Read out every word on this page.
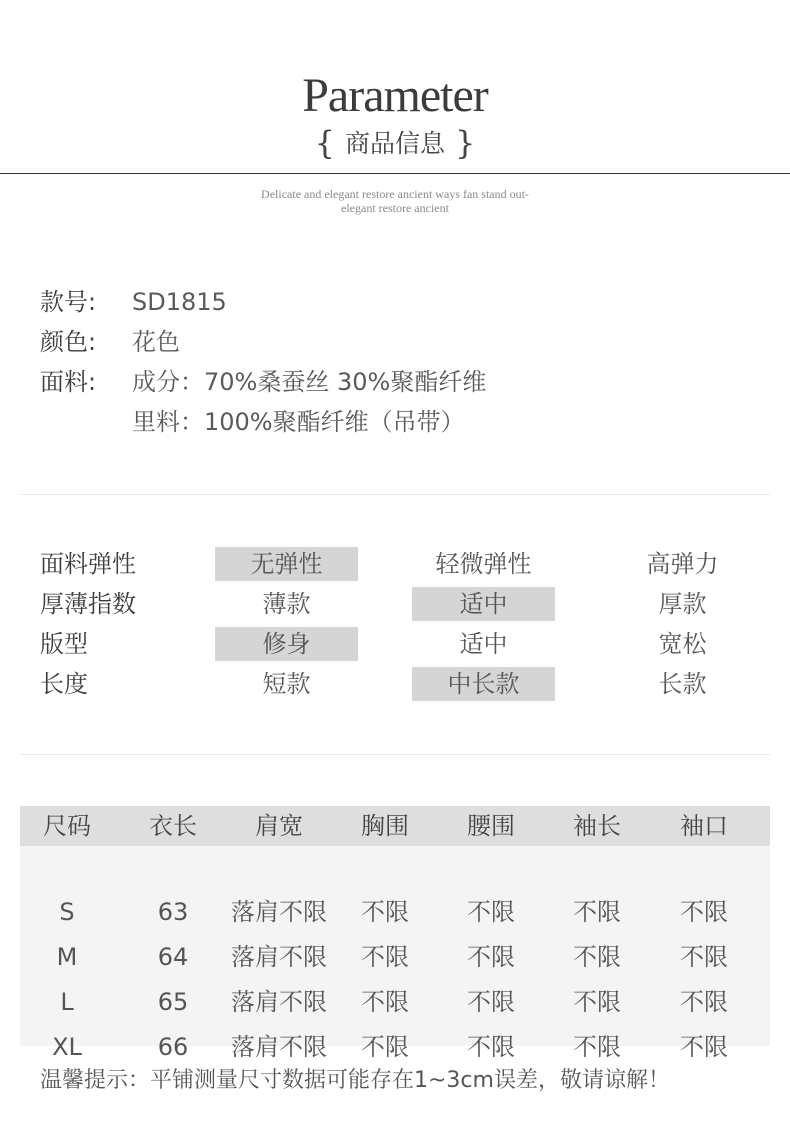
Parameter
{ 商品信息 }
Delicate and elegant restore ancient ways fan stand out-
elegant restore ancient
款号:	SD1815
颜色:	花色
面料:	成分：70%桑蚕丝 30%聚酯纤维
里料：100%聚酯纤维（吊带）
面料弹性	无弹性	轻微弹性	高弹力
厚薄指数	薄款	适中	厚款
版型	修身	适中	宽松
长度	短款	中长款	长款
尺码	衣长	肩宽	胸围	腰围	袖长	袖口
S	63	落肩不限	不限	不限	不限	不限
M	64	落肩不限	不限	不限	不限	不限
L	65	落肩不限	不限	不限	不限	不限
XL	66	落肩不限	不限	不限	不限	不限
温馨提示：平铺测量尺寸数据可能存在1~3cm误差，敬请谅解！
